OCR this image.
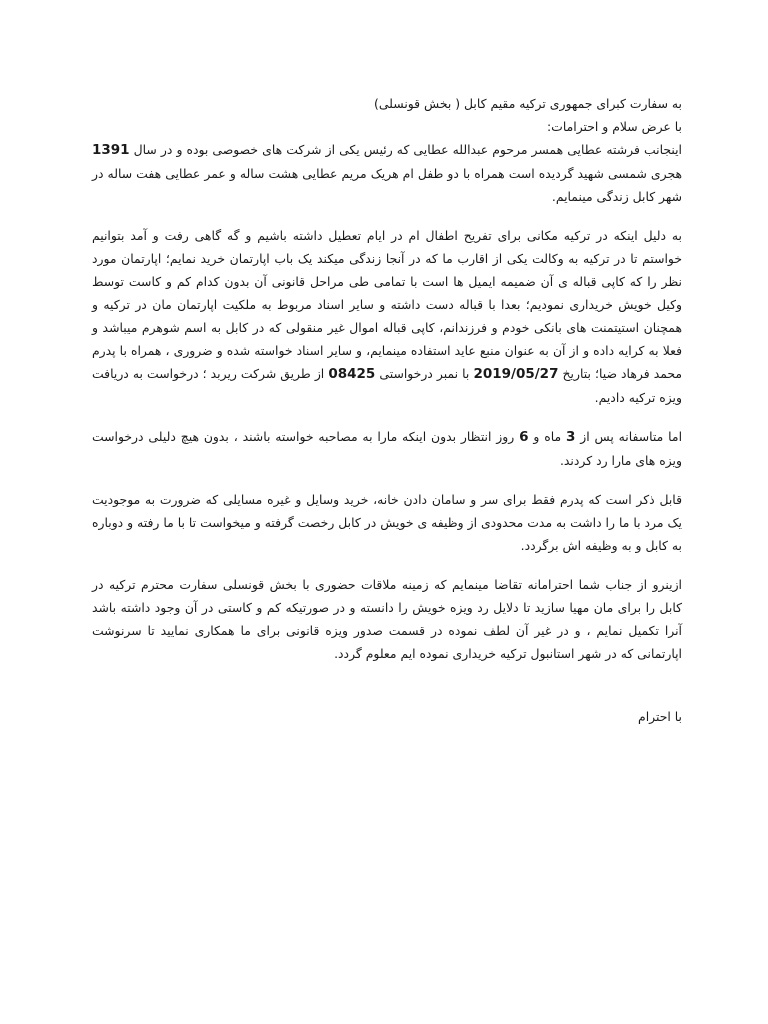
به سفارت کبرای جمهوری ترکیه مقیم کابل ( بخش قونسلی)

با عرض سلام و احترامات:

اینجانب فرشته عطایی همسر مرحوم عبدالله عطایی که رئیس یکی از شرکت های خصوصی بوده و در سال 1391 هجری شمسی شهید گردیده است همراه با دو طفل ام هریک مریم عطایی هشت ساله و عمر عطایی هفت ساله در شهر کابل زندگی مینمایم.

به دلیل اینکه در ترکیه مکانی برای تفریح اطفال ام در ایام تعطیل داشته باشیم و گه گاهی رفت و آمد بتوانیم خواستم تا در ترکیه به وکالت یکی از اقارب ما که در آنجا زندگی میکند یک باب اپارتمان خرید نمایم؛ اپارتمان مورد نظر را که کاپی قباله ی آن ضمیمه ایمیل ها است با تمامی طی مراحل قانونی آن بدون کدام کم و کاست توسط وکیل خویش خریداری نمودیم؛ بعدا با قباله دست داشته و سایر اسناد مربوط به ملکیت اپارتمان مان در ترکیه و همچنان استیتمنت های بانکی خودم و فرزندانم، کاپی قباله اموال غیر منقولی که در کابل به اسم شوهرم میباشد و فعلا به کرایه داده و از آن به عنوان منبع عاید استفاده مینمایم، و سایر اسناد خواسته شده و ضروری ، همراه با پدرم محمد فرهاد ضیا؛ بتاریخ 2019/05/27 با نمبر درخواستی 08425 از طریق شرکت ریربد ؛ درخواست به دریافت ویزه ترکیه دادیم.

اما متاسفانه پس از 3 ماه و 6 روز انتظار بدون اینکه مارا به مصاحبه خواسته باشند ، بدون هیچ دلیلی درخواست ویزه های مارا رد کردند.

قابل ذکر است که پدرم فقط برای سر و سامان دادن خانه، خرید وسایل و غیره مسایلی که ضرورت به موجودیت یک مرد با ما را داشت به مدت محدودی از وظیفه ی خویش در کابل رخصت گرفته و میخواست تا با ما رفته و دوباره به کابل و به وظیفه اش برگردد.

ازینرو از جناب شما احترامانه تقاضا مینمایم که زمینه ملاقات حضوری با بخش قونسلی سفارت محترم ترکیه در کابل را برای مان مهیا سازید تا دلایل رد ویزه خویش را دانسته و در صورتیکه کم و کاستی در آن وجود داشته باشد آنرا تکمیل نمایم ، و در غیر آن لطف نموده در قسمت صدور ویزه قانونی برای ما همکاری نمایید تا سرنوشت اپارتمانی که در شهر استانبول ترکیه خریداری نموده ایم معلوم گردد.

با احترام
